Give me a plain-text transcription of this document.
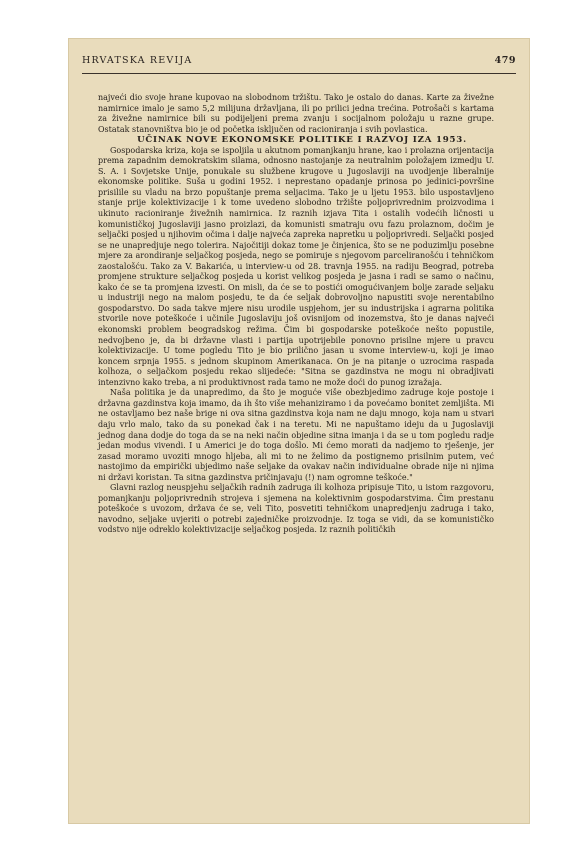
HRVATSKA REVIJA	479

najveći dio svoje hrane kupovao na slobodnom tržištu. Tako je ostalo do danas. Karte za živežne namirnice imalo je samo 5,2 milijuna državljana, ili po prilici jedna trećina. Potrošači s kartama za živežne namirnice bili su podijeljeni prema zvanju i socijalnom položaju u razne grupe. Ostatak stanovništva bio je od početka isključen od racioniranja i svih povlastica.

UČINAK NOVE EKONOMSKE POLITIKE I RAZVOJ IZA 1953.

Gospodarska kriza, koja se ispoljila u akutnom pomanjkanju hrane, kao i prolazna orijentacija prema zapadnim demokratskim silama, odnosno nastojanje za neutralnim položajem izmedju U. S. A. i Sovjetske Unije, ponukale su službene krugove u Jugoslaviji na uvodjenje liberalnije ekonomske politike. Suša u godini 1952. i neprestano opadanje prinosa po jedinici-površine prisilile su vladu na brzo popuštanje prema seljacima. Tako je u ljetu 1953. bilo uspostavljeno stanje prije kolektivizacije i k tome uvedeno slobodno tržište poljoprivrednim proizvodima i ukinuto racioniranje živežnih namirnica. Iz raznih izjava Tita i ostalih vodećih ličnosti u komunističkoj Jugoslaviji jasno proizlazi, da komunisti smatraju ovu fazu prolaznom, dočim je seljački posjed u njihovim očima i dalje najveća zapreka napretku u poljoprivredi. Seljački posjed se ne unapredjuje nego tolerira. Najočitiji dokaz tome je činjenica, što se ne poduzimlju posebne mjere za arondiranje seljačkog posjeda, nego se pomiruje s njegovom parceliranošću i tehničkom zaostalošću. Tako za V. Bakarića, u interview-u od 28. travnja 1955. na radiju Beograd, potreba promjene strukture seljačkog posjeda u korist velikog posjeda je jasna i radi se samo o načinu, kako će se ta promjena izvesti. On misli, da će se to postići omogućivanjem bolje zarade seljaku u industriji nego na malom posjedu, te da će seljak dobrovoljno napustiti svoje nerentabilno gospodarstvo. Do sada takve mjere nisu urodile uspjehom, jer su industrijska i agrarna politika stvorile nove poteškoće i učinile Jugoslaviju još ovisnijom od inozemstva, što je danas najveći ekonomski problem beogradskog režima. Čim bi gospodarske poteškoće nešto popustile, nedvojbeno je, da bi državne vlasti i partija upotrijebile ponovno prisilne mjere u pravcu kolektivizacije. U tome pogledu Tito je bio prilično jasan u svome interview-u, koji je imao koncem srpnja 1955. s jednom skupinom Amerikanaca. On je na pitanje o uzrocima raspada kolhoza, o seljačkom posjedu rekao slijedeće: "Sitna se gazdinstva ne mogu ni obradjivati intenzivno kako treba, a ni produktivnost rada tamo ne može doći do punog izražaja.

Naša politika je da unapredimo, da što je moguće više obezbjedimo zadruge koje postoje i državna gazdinstva koja imamo, da ih što više mehaniziramo i da povećamo bonitet zemljišta. Mi ne ostavljamo bez naše brige ni ova sitna gazdinstva koja nam ne daju mnogo, koja nam u stvari daju vrlo malo, tako da su ponekad čak i na teretu. Mi ne napuštamo ideju da u Jugoslaviji jednog dana dodje do toga da se na neki način objedine sitna imanja i da se u tom pogledu radje jedan modus vivendi. I u Americi je do toga došlo. Mi ćemo morati da nadjemo to rješenje, jer zasad moramo uvoziti mnogo hljeba, ali mi to ne želimo da postignemo prisilnim putem, već nastojimo da empirički ubjedimo naše seljake da ovakav način individualne obrade nije ni njima ni državi koristan. Ta sitna gazdinstva pričinjavaju (!) nam ogromne teškoće."

Glavni razlog neuspjehu seljačkih radnih zadruga ili kolhoza pripisuje Tito, u istom razgovoru, pomanjkanju poljoprivrednih strojeva i sjemena na kolektivnim gospodarstvima. Čim prestanu poteškoće s uvozom, država će se, veli Tito, posvetiti tehničkom unapredjenju zadruga i tako, navodno, seljake uvjeriti o potrebi zajedničke proizvodnje. Iz toga se vidi, da se komunističko vodstvo nije odreklo kolektivizacije seljačkog posjeda. Iz raznih političkih
